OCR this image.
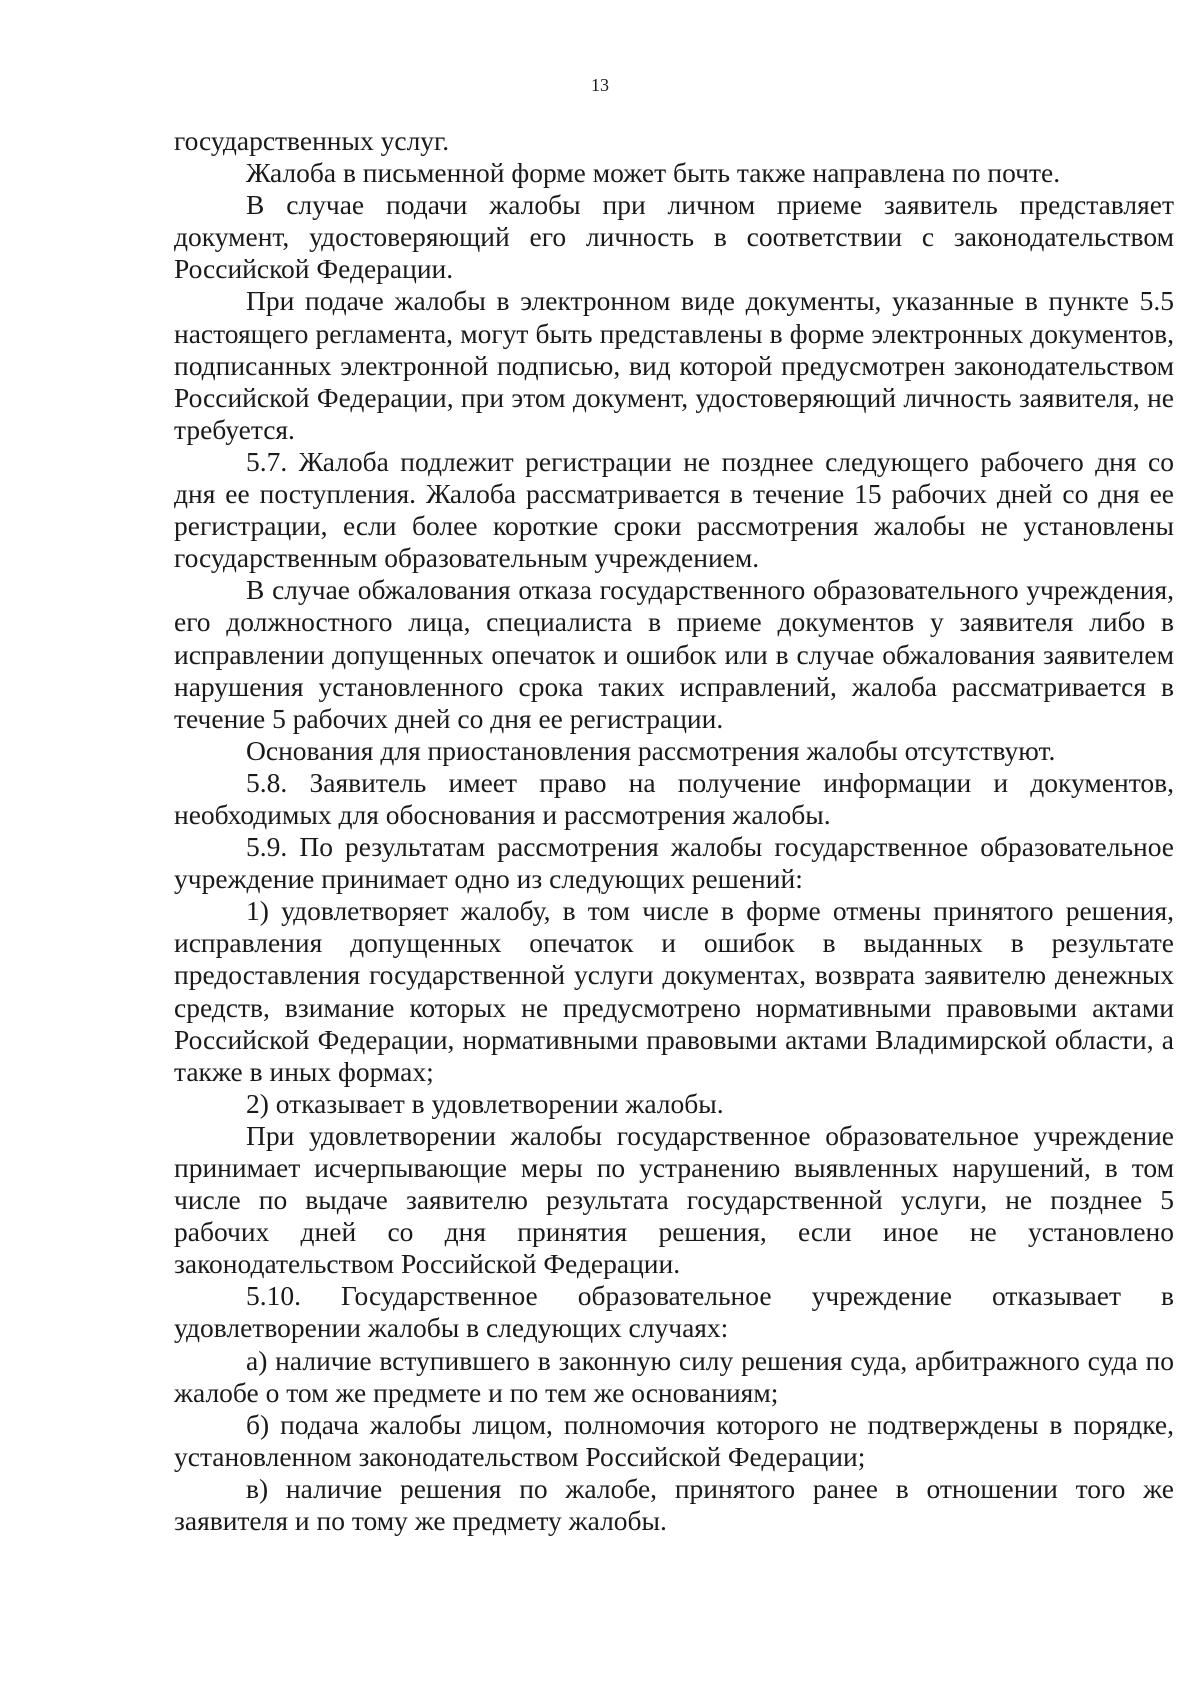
13

государственных услуг.

Жалоба в письменной форме может быть также направлена по почте.

В случае подачи жалобы при личном приеме заявитель представляет документ, удостоверяющий его личность в соответствии с законодательством Российской Федерации.

При подаче жалобы в электронном виде документы, указанные в пункте 5.5 настоящего регламента, могут быть представлены в форме электронных документов, подписанных электронной подписью, вид которой предусмотрен законодательством Российской Федерации, при этом документ, удостоверяющий личность заявителя, не требуется.

5.7. Жалоба подлежит регистрации не позднее следующего рабочего дня со дня ее поступления. Жалоба рассматривается в течение 15 рабочих дней со дня ее регистрации, если более короткие сроки рассмотрения жалобы не установлены государственным образовательным учреждением.

В случае обжалования отказа государственного образовательного учреждения, его должностного лица, специалиста в приеме документов у заявителя либо в исправлении допущенных опечаток и ошибок или в случае обжалования заявителем нарушения установленного срока таких исправлений, жалоба рассматривается в течение 5 рабочих дней со дня ее регистрации.

Основания для приостановления рассмотрения жалобы отсутствуют.

5.8. Заявитель имеет право на получение информации и документов, необходимых для обоснования и рассмотрения жалобы.

5.9. По результатам рассмотрения жалобы государственное образовательное учреждение принимает одно из следующих решений:

1) удовлетворяет жалобу, в том числе в форме отмены принятого решения, исправления допущенных опечаток и ошибок в выданных в результате предоставления государственной услуги документах, возврата заявителю денежных средств, взимание которых не предусмотрено нормативными правовыми актами Российской Федерации, нормативными правовыми актами Владимирской области, а также в иных формах;

2) отказывает в удовлетворении жалобы.

При удовлетворении жалобы государственное образовательное учреждение принимает исчерпывающие меры по устранению выявленных нарушений, в том числе по выдаче заявителю результата государственной услуги, не позднее 5 рабочих дней со дня принятия решения, если иное не установлено законодательством Российской Федерации.

5.10. Государственное образовательное учреждение отказывает в удовлетворении жалобы в следующих случаях:

а) наличие вступившего в законную силу решения суда, арбитражного суда по жалобе о том же предмете и по тем же основаниям;

б) подача жалобы лицом, полномочия которого не подтверждены в порядке, установленном законодательством Российской Федерации;

в) наличие решения по жалобе, принятого ранее в отношении того же заявителя и по тому же предмету жалобы.
